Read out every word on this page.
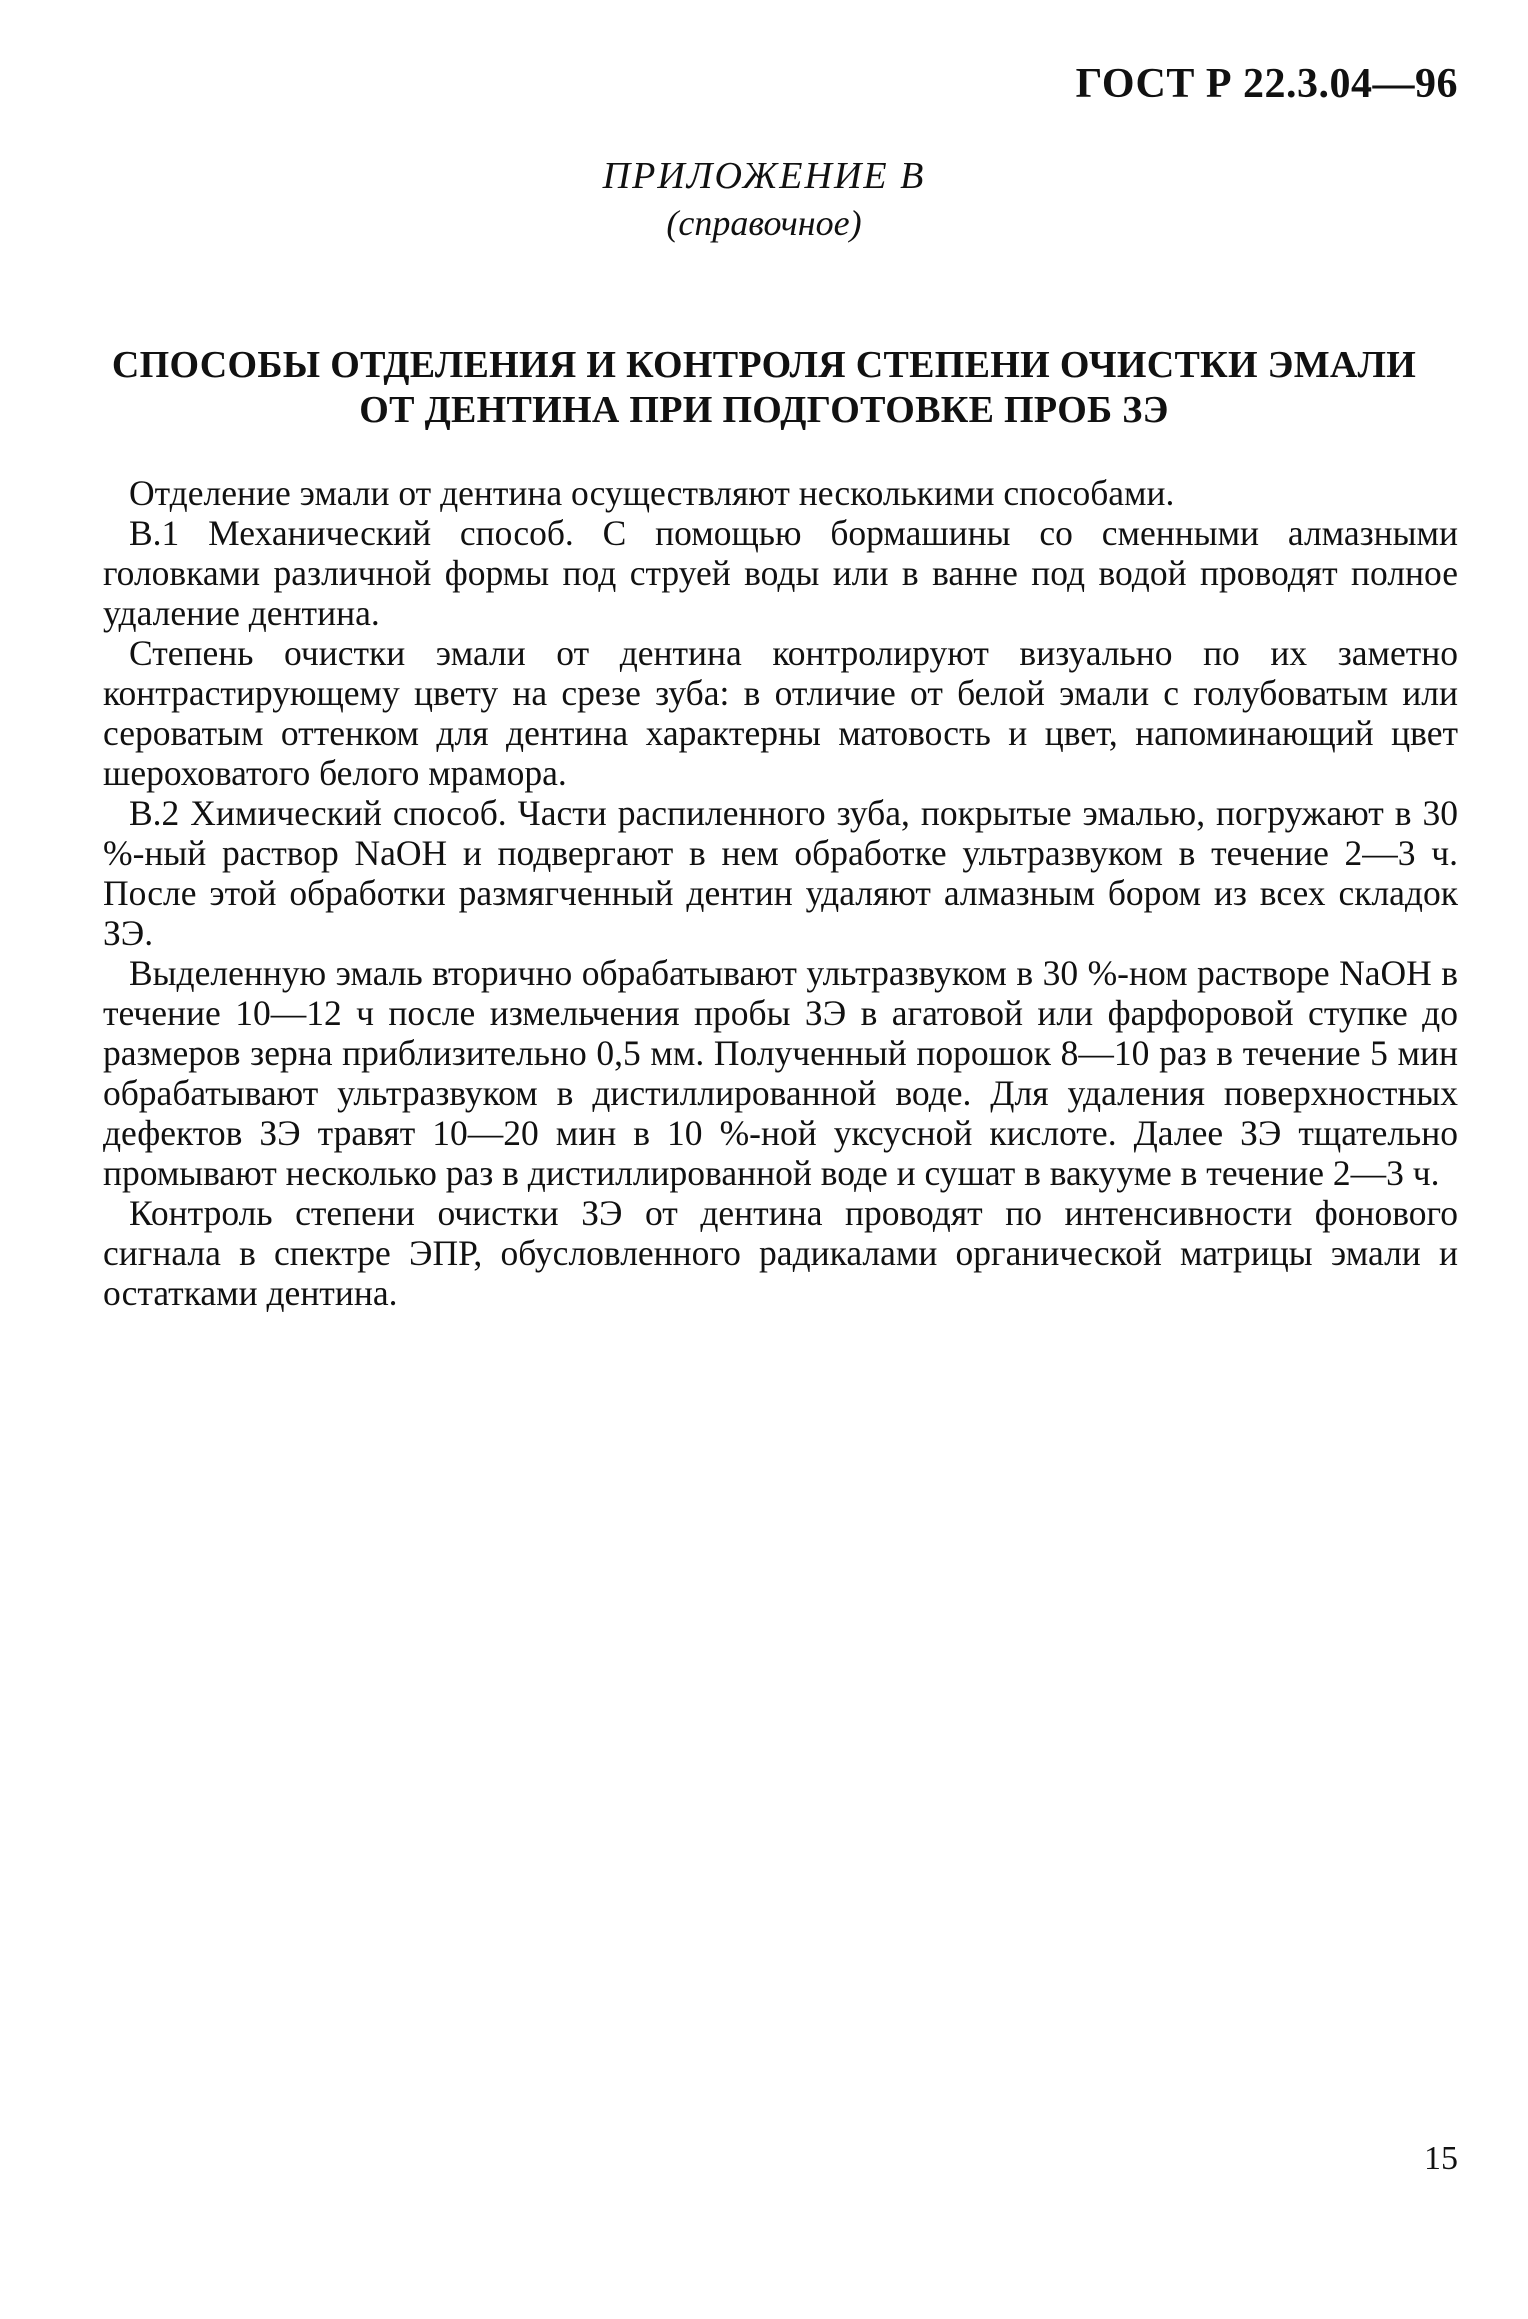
ГОСТ Р 22.3.04—96
ПРИЛОЖЕНИЕ В
(справочное)
СПОСОБЫ ОТДЕЛЕНИЯ И КОНТРОЛЯ СТЕПЕНИ ОЧИСТКИ ЭМАЛИ
ОТ ДЕНТИНА ПРИ ПОДГОТОВКЕ ПРОБ ЗЭ

Отделение эмали от дентина осуществляют несколькими способами.

В.1 Механический способ. С помощью бормашины со сменными алмазными головками различной формы под струей воды или в ванне под водой проводят полное удаление дентина.

Степень очистки эмали от дентина контролируют визуально по их заметно контрастирующему цвету на срезе зуба: в отличие от белой эмали с голубоватым или сероватым оттенком для дентина характерны матовость и цвет, напоминающий цвет шероховатого белого мрамора.

В.2 Химический способ. Части распиленного зуба, покрытые эмалью, погружают в 30 %-ный раствор NaOH и подвергают в нем обработке ультразвуком в течение 2—3 ч. После этой обработки размягченный дентин удаляют алмазным бором из всех складок ЗЭ.

Выделенную эмаль вторично обрабатывают ультразвуком в 30 %-ном растворе NaOH в течение 10—12 ч после измельчения пробы ЗЭ в агатовой или фарфоровой ступке до размеров зерна приблизительно 0,5 мм. Полученный порошок 8—10 раз в течение 5 мин обрабатывают ультразвуком в дистиллированной воде. Для удаления поверхностных дефектов ЗЭ травят 10—20 мин в 10 %-ной уксусной кислоте. Далее ЗЭ тщательно промывают несколько раз в дистиллированной воде и сушат в вакууме в течение 2—3 ч.

Контроль степени очистки ЗЭ от дентина проводят по интенсивности фонового сигнала в спектре ЭПР, обусловленного радикалами органической матрицы эмали и остатками дентина.

15
